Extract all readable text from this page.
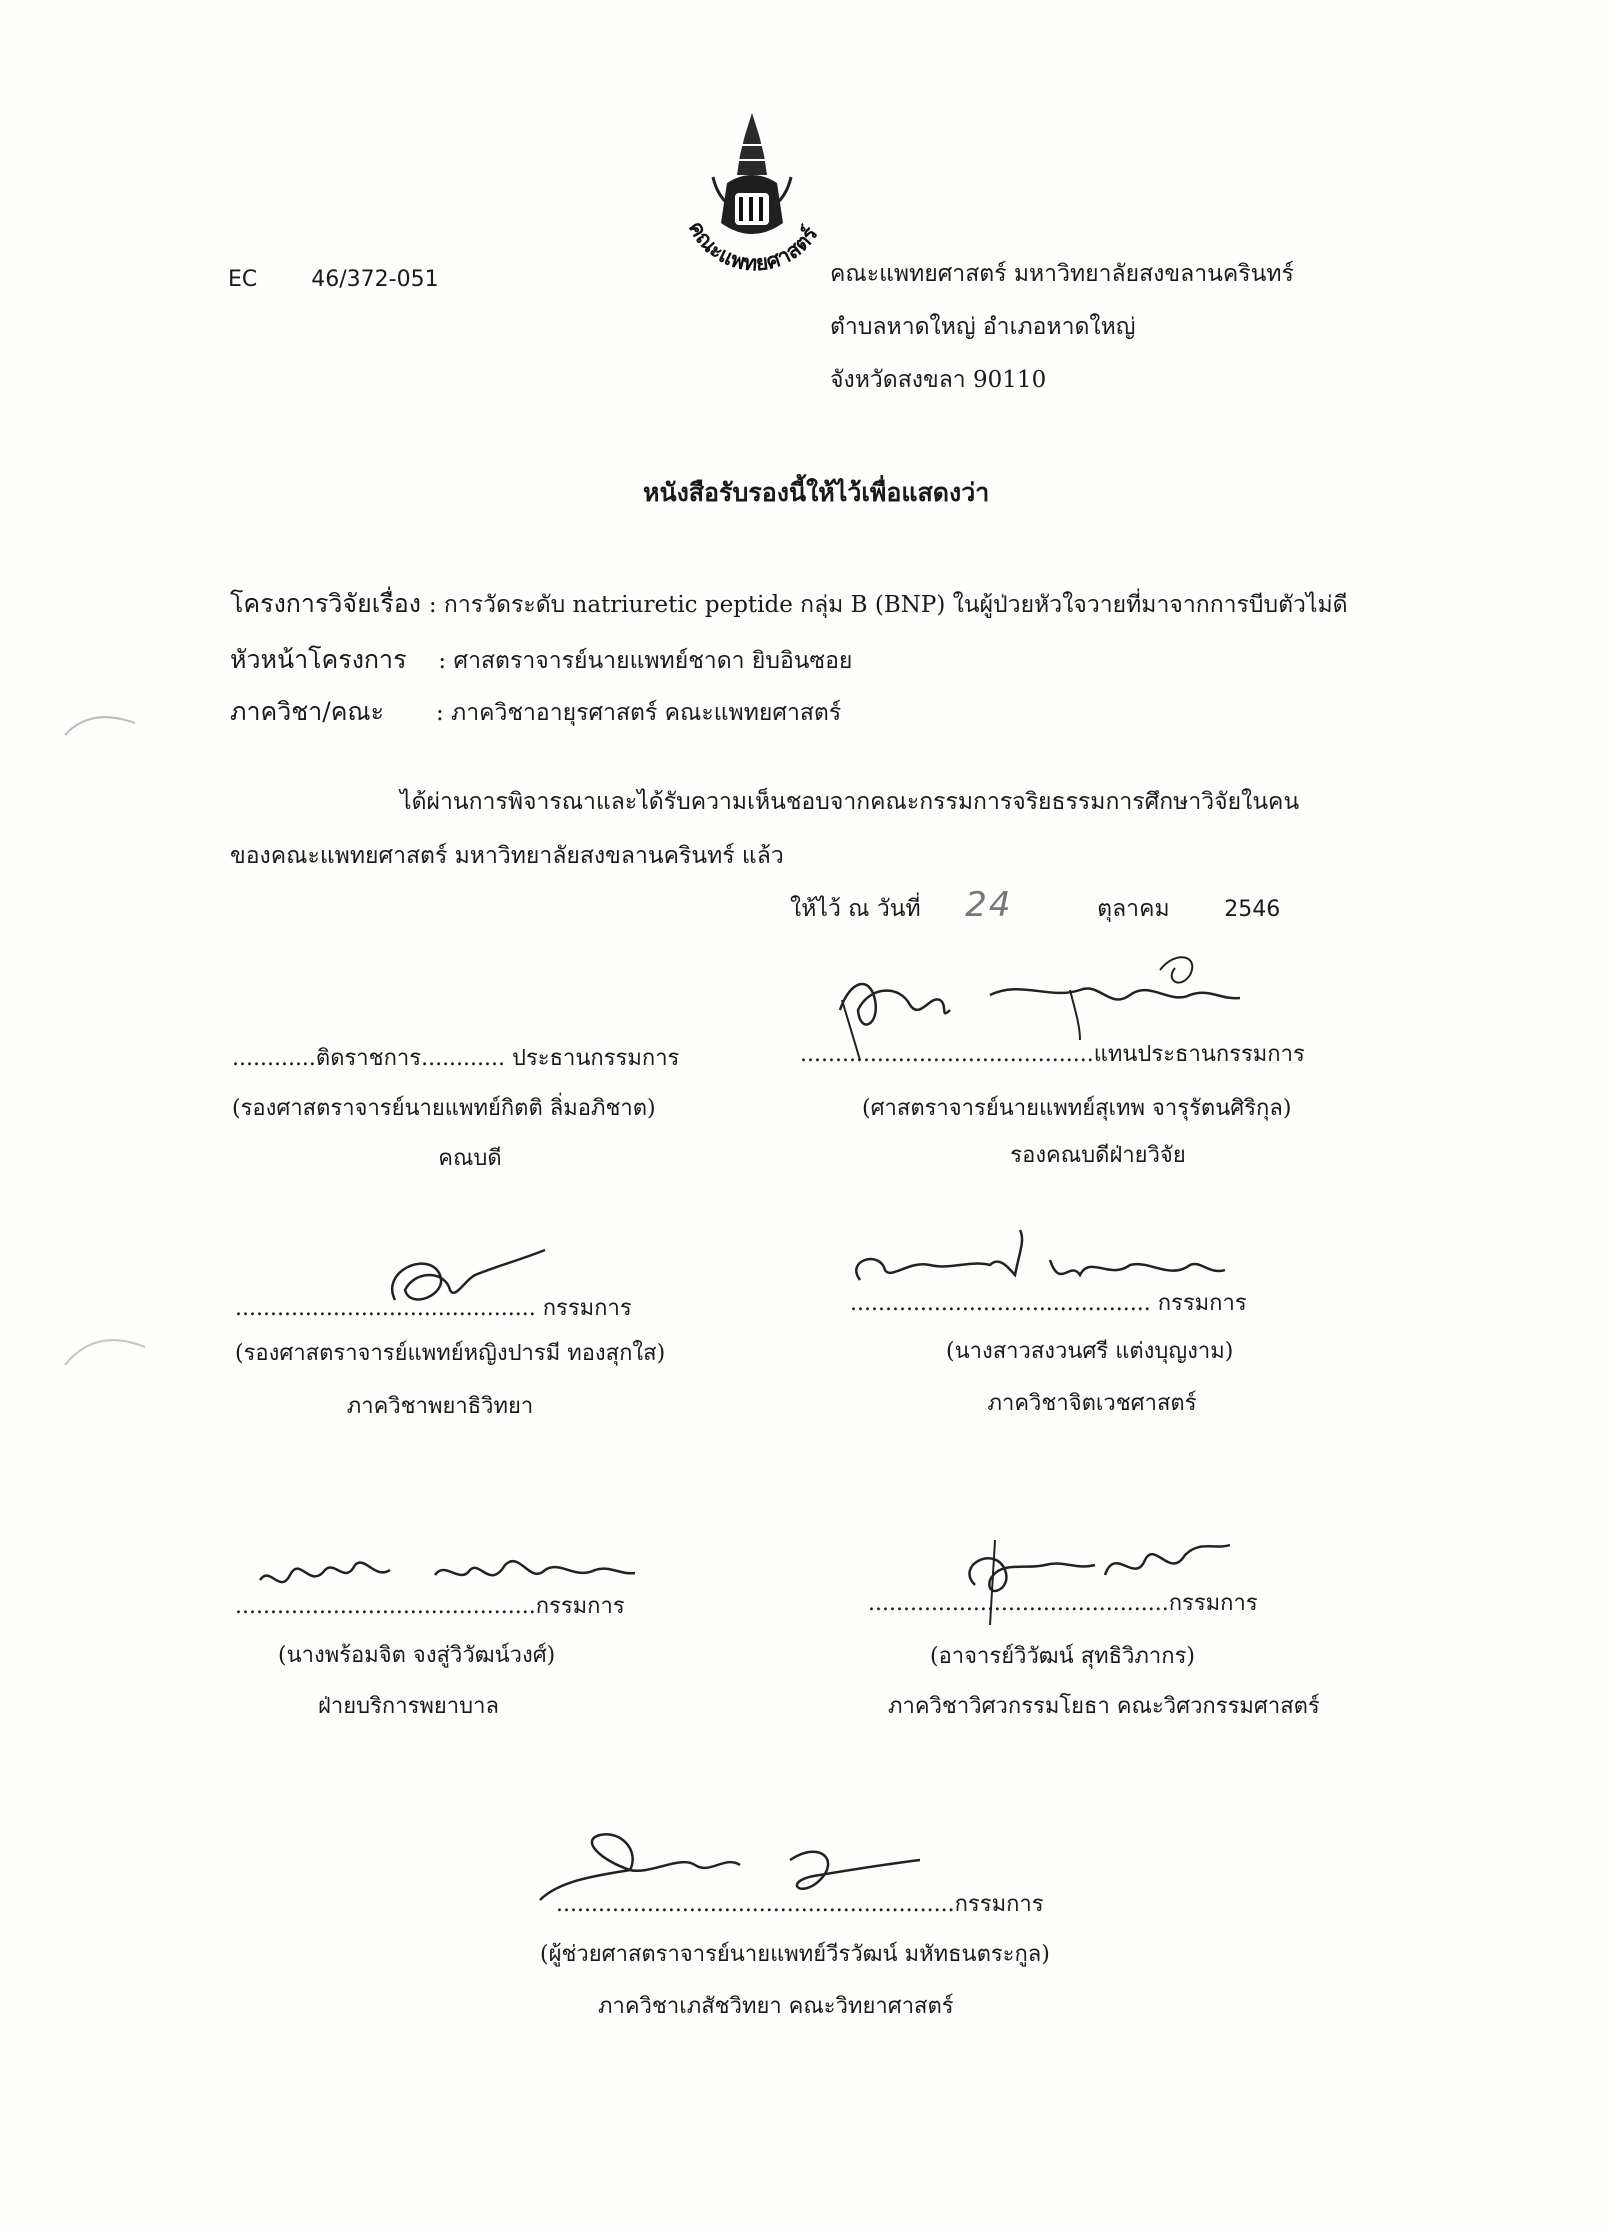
คณะแพทยศาสตร์
EC 46/372-051	คณะแพทยศาสตร์ มหาวิทยาลัยสงขลานครินทร์
ตำบลหาดใหญ่ อำเภอหาดใหญ่
จังหวัดสงขลา 90110
หนังสือรับรองนี้ให้ไว้เพื่อแสดงว่า
โครงการวิจัยเรื่อง : การวัดระดับ natriuretic peptide กลุ่ม B (BNP) ในผู้ป่วยหัวใจวายที่มาจากการบีบตัวไม่ดี
หัวหน้าโครงการ : ศาสตราจารย์นายแพทย์ชาดา ยิบอินซอย
ภาควิชา/คณะ : ภาควิชาอายุรศาสตร์ คณะแพทยศาสตร์
ได้ผ่านการพิจารณาและได้รับความเห็นชอบจากคณะกรรมการจริยธรรมการศึกษาวิจัยในคน
ของคณะแพทยศาสตร์ มหาวิทยาลัยสงขลานครินทร์ แล้ว
ให้ไว้ ณ วันที่ 24	ตุลาคม 2546
............ติดราชการ............ ประธานกรรมการ
(รองศาสตราจารย์นายแพทย์กิตติ ลิ่มอภิชาต)
คณบดี
..........................................แทนประธานกรรมการ
(ศาสตราจารย์นายแพทย์สุเทพ จารุรัตนศิริกุล)
รองคณบดีฝ่ายวิจัย
........................................... กรรมการ
(รองศาสตราจารย์แพทย์หญิงปารมี ทองสุกใส)
ภาควิชาพยาธิวิทยา
........................................... กรรมการ
(นางสาวสงวนศรี แต่งบุญงาม)
ภาควิชาจิตเวชศาสตร์
...........................................กรรมการ
(นางพร้อมจิต จงสู่วิวัฒน์วงศ์)
ฝ่ายบริการพยาบาล
...........................................กรรมการ
(อาจารย์วิวัฒน์ สุทธิวิภากร)
ภาควิชาวิศวกรรมโยธา คณะวิศวกรรมศาสตร์
.........................................................กรรมการ
(ผู้ช่วยศาสตราจารย์นายแพทย์วีรวัฒน์ มหัทธนตระกูล)
ภาควิชาเภสัชวิทยา คณะวิทยาศาสตร์
